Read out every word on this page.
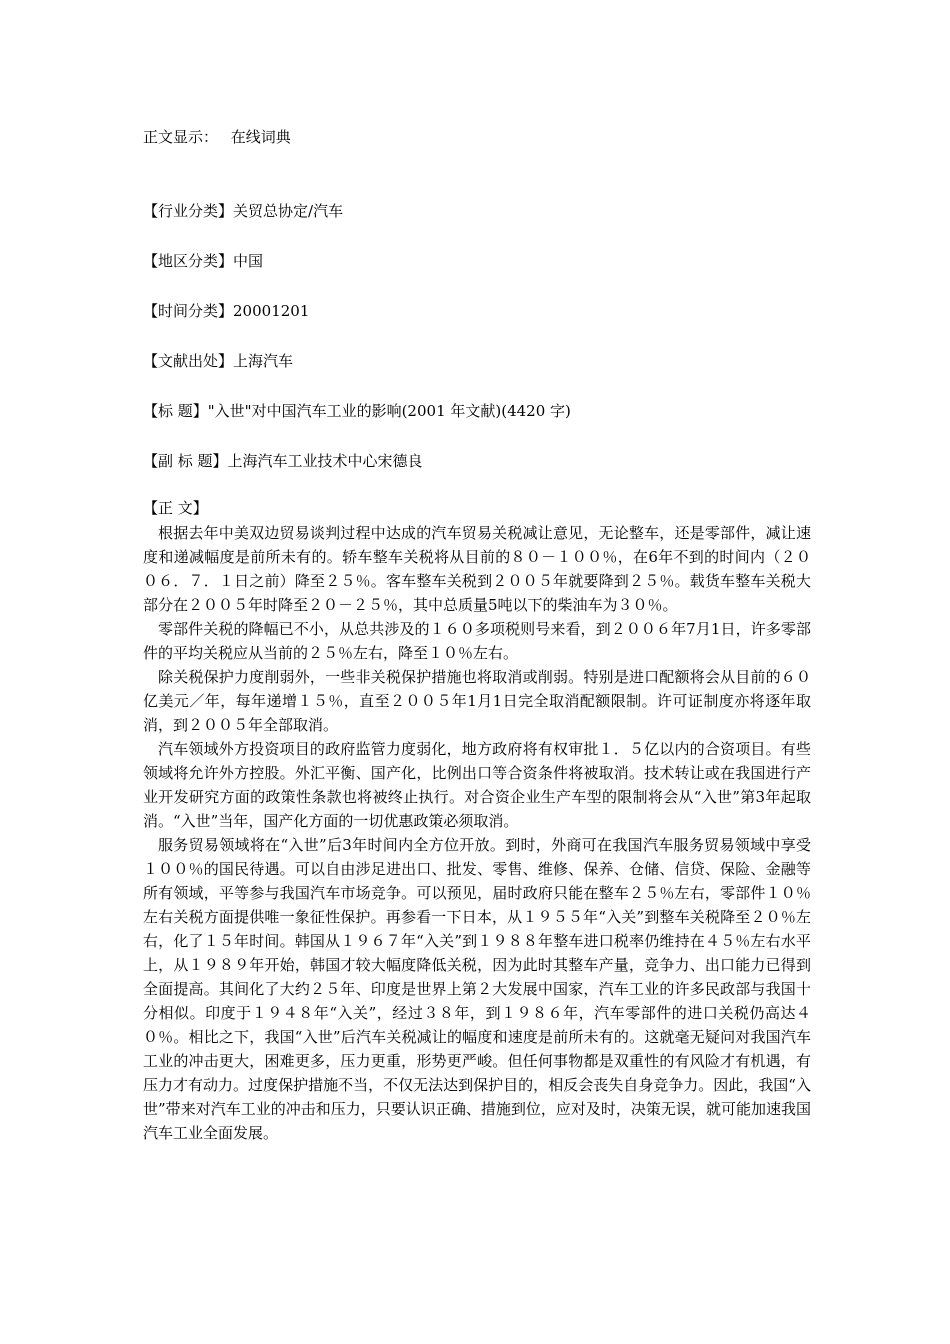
正文显示： 在线词典
【行业分类】关贸总协定/汽车
【地区分类】中国
【时间分类】20001201
【文献出处】上海汽车
【标 题】"入世"对中国汽车工业的影响(2001 年文献)(4420 字)
【副 标 题】上海汽车工业技术中心宋德良
【正 文】

根据去年中美双边贸易谈判过程中达成的汽车贸易关税减让意见，无论整车，还是零部件，减让速度和递减幅度是前所未有的。轿车整车关税将从目前的８０－１００％，在6年不到的时间内（２００６．７．１日之前）降至２５％。客车整车关税到２００５年就要降到２５％。载货车整车关税大部分在２００５年时降至２０－２５％，其中总质量5吨以下的柴油车为３０％。

零部件关税的降幅已不小，从总共涉及的１６０多项税则号来看，到２００６年7月1日，许多零部件的平均关税应从当前的２５％左右，降至１０％左右。

除关税保护力度削弱外，一些非关税保护措施也将取消或削弱。特别是进口配额将会从目前的６０亿美元／年，每年递增１５％，直至２００５年1月1日完全取消配额限制。许可证制度亦将逐年取消，到２００５年全部取消。

汽车领域外方投资项目的政府监管力度弱化，地方政府将有权审批１．５亿以内的合资项目。有些领域将允许外方控股。外汇平衡、国产化，比例出口等合资条件将被取消。技术转让或在我国进行产业开发研究方面的政策性条款也将被终止执行。对合资企业生产车型的限制将会从“入世”第3年起取消。“入世”当年，国产化方面的一切优惠政策必须取消。

服务贸易领域将在“入世”后3年时间内全方位开放。到时，外商可在我国汽车服务贸易领域中享受１００％的国民待遇。可以自由涉足进出口、批发、零售、维修、保养、仓储、信贷、保险、金融等所有领域，平等参与我国汽车市场竞争。可以预见，届时政府只能在整车２５％左右，零部件１０％左右关税方面提供唯一象征性保护。再参看一下日本，从１９５５年“入关”到整车关税降至２０％左右，化了１５年时间。韩国从１９６７年“入关”到１９８８年整车进口税率仍维持在４５％左右水平上，从１９８９年开始，韩国才较大幅度降低关税，因为此时其整车产量，竞争力、出口能力已得到全面提高。其间化了大约２５年、印度是世界上第２大发展中国家，汽车工业的许多民政部与我国十分相似。印度于１９４８年“入关”，经过３８年，到１９８６年，汽车零部件的进口关税仍高达４０％。相比之下，我国“入世”后汽车关税减让的幅度和速度是前所未有的。这就毫无疑问对我国汽车工业的冲击更大，困难更多，压力更重，形势更严峻。但任何事物都是双重性的有风险才有机遇，有压力才有动力。过度保护措施不当，不仅无法达到保护目的，相反会丧失自身竞争力。因此，我国“入世”带来对汽车工业的冲击和压力，只要认识正确、措施到位，应对及时，决策无误，就可能加速我国汽车工业全面发展。
